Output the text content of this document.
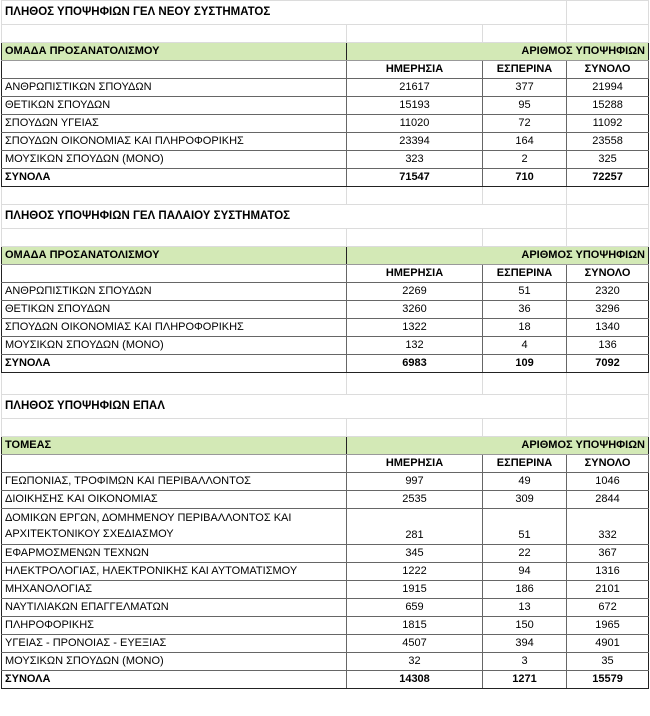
ΠΛΗΘΟΣ ΥΠΟΨΗΦΙΩΝ ΓΕΛ ΝΕΟΥ ΣΥΣΤΗΜΑΤΟΣ			

ΟΜΑΔΑ ΠΡΟΣΑΝΑΤΟΛΙΣΜΟΥ	ΑΡΙΘΜΟΣ ΥΠΟΨΗΦΙΩΝ		
	ΗΜΕΡΗΣΙΑ	ΕΣΠΕΡΙΝΑ	ΣΥΝΟΛΟ
ΑΝΘΡΩΠΙΣΤΙΚΩΝ ΣΠΟΥΔΩΝ	21617	377	21994
ΘΕΤΙΚΩΝ ΣΠΟΥΔΩΝ	15193	95	15288
ΣΠΟΥΔΩΝ ΥΓΕΙΑΣ	11020	72	11092
ΣΠΟΥΔΩΝ ΟΙΚΟΝΟΜΙΑΣ ΚΑΙ ΠΛΗΡΟΦΟΡΙΚΗΣ	23394	164	23558
ΜΟΥΣΙΚΩΝ ΣΠΟΥΔΩΝ (ΜΟΝΟ)	323	2	325
ΣΥΝΟΛΑ	71547	710	72257

ΠΛΗΘΟΣ ΥΠΟΨΗΦΙΩΝ ΓΕΛ ΠΑΛΑΙΟΥ ΣΥΣΤΗΜΑΤΟΣ			

ΟΜΑΔΑ ΠΡΟΣΑΝΑΤΟΛΙΣΜΟΥ	ΑΡΙΘΜΟΣ ΥΠΟΨΗΦΙΩΝ		
	ΗΜΕΡΗΣΙΑ	ΕΣΠΕΡΙΝΑ	ΣΥΝΟΛΟ
ΑΝΘΡΩΠΙΣΤΙΚΩΝ ΣΠΟΥΔΩΝ	2269	51	2320
ΘΕΤΙΚΩΝ ΣΠΟΥΔΩΝ	3260	36	3296
ΣΠΟΥΔΩΝ ΟΙΚΟΝΟΜΙΑΣ ΚΑΙ ΠΛΗΡΟΦΟΡΙΚΗΣ	1322	18	1340
ΜΟΥΣΙΚΩΝ ΣΠΟΥΔΩΝ (ΜΟΝΟ)	132	4	136
ΣΥΝΟΛΑ	6983	109	7092

ΠΛΗΘΟΣ ΥΠΟΨΗΦΙΩΝ ΕΠΑΛ			

ΤΟΜΕΑΣ	ΑΡΙΘΜΟΣ ΥΠΟΨΗΦΙΩΝ		
	ΗΜΕΡΗΣΙΑ	ΕΣΠΕΡΙΝΑ	ΣΥΝΟΛΟ
ΓΕΩΠΟΝΙΑΣ, ΤΡΟΦΙΜΩΝ ΚΑΙ ΠΕΡΙΒΑΛΛΟΝΤΟΣ	997	49	1046
ΔΙΟΙΚΗΣΗΣ ΚΑΙ ΟΙΚΟΝΟΜΙΑΣ	2535	309	2844
ΔΟΜΙΚΩΝ ΕΡΓΩΝ, ΔΟΜΗΜΕΝΟΥ ΠΕΡΙΒΑΛΛΟΝΤΟΣ ΚΑΙ ΑΡΧΙΤΕΚΤΟΝΙΚΟΥ ΣΧΕΔΙΑΣΜΟΥ	281	51	332
ΕΦΑΡΜΟΣΜΕΝΩΝ ΤΕΧΝΩΝ	345	22	367
ΗΛΕΚΤΡΟΛΟΓΙΑΣ, ΗΛΕΚΤΡΟΝΙΚΗΣ ΚΑΙ ΑΥΤΟΜΑΤΙΣΜΟΥ	1222	94	1316
ΜΗΧΑΝΟΛΟΓΙΑΣ	1915	186	2101
ΝΑΥΤΙΛΙΑΚΩΝ ΕΠΑΓΓΕΛΜΑΤΩΝ	659	13	672
ΠΛΗΡΟΦΟΡΙΚΗΣ	1815	150	1965
ΥΓΕΙΑΣ - ΠΡΟΝΟΙΑΣ - ΕΥΕΞΙΑΣ	4507	394	4901
ΜΟΥΣΙΚΩΝ ΣΠΟΥΔΩΝ (ΜΟΝΟ)	32	3	35
ΣΥΝΟΛΑ	14308	1271	15579
